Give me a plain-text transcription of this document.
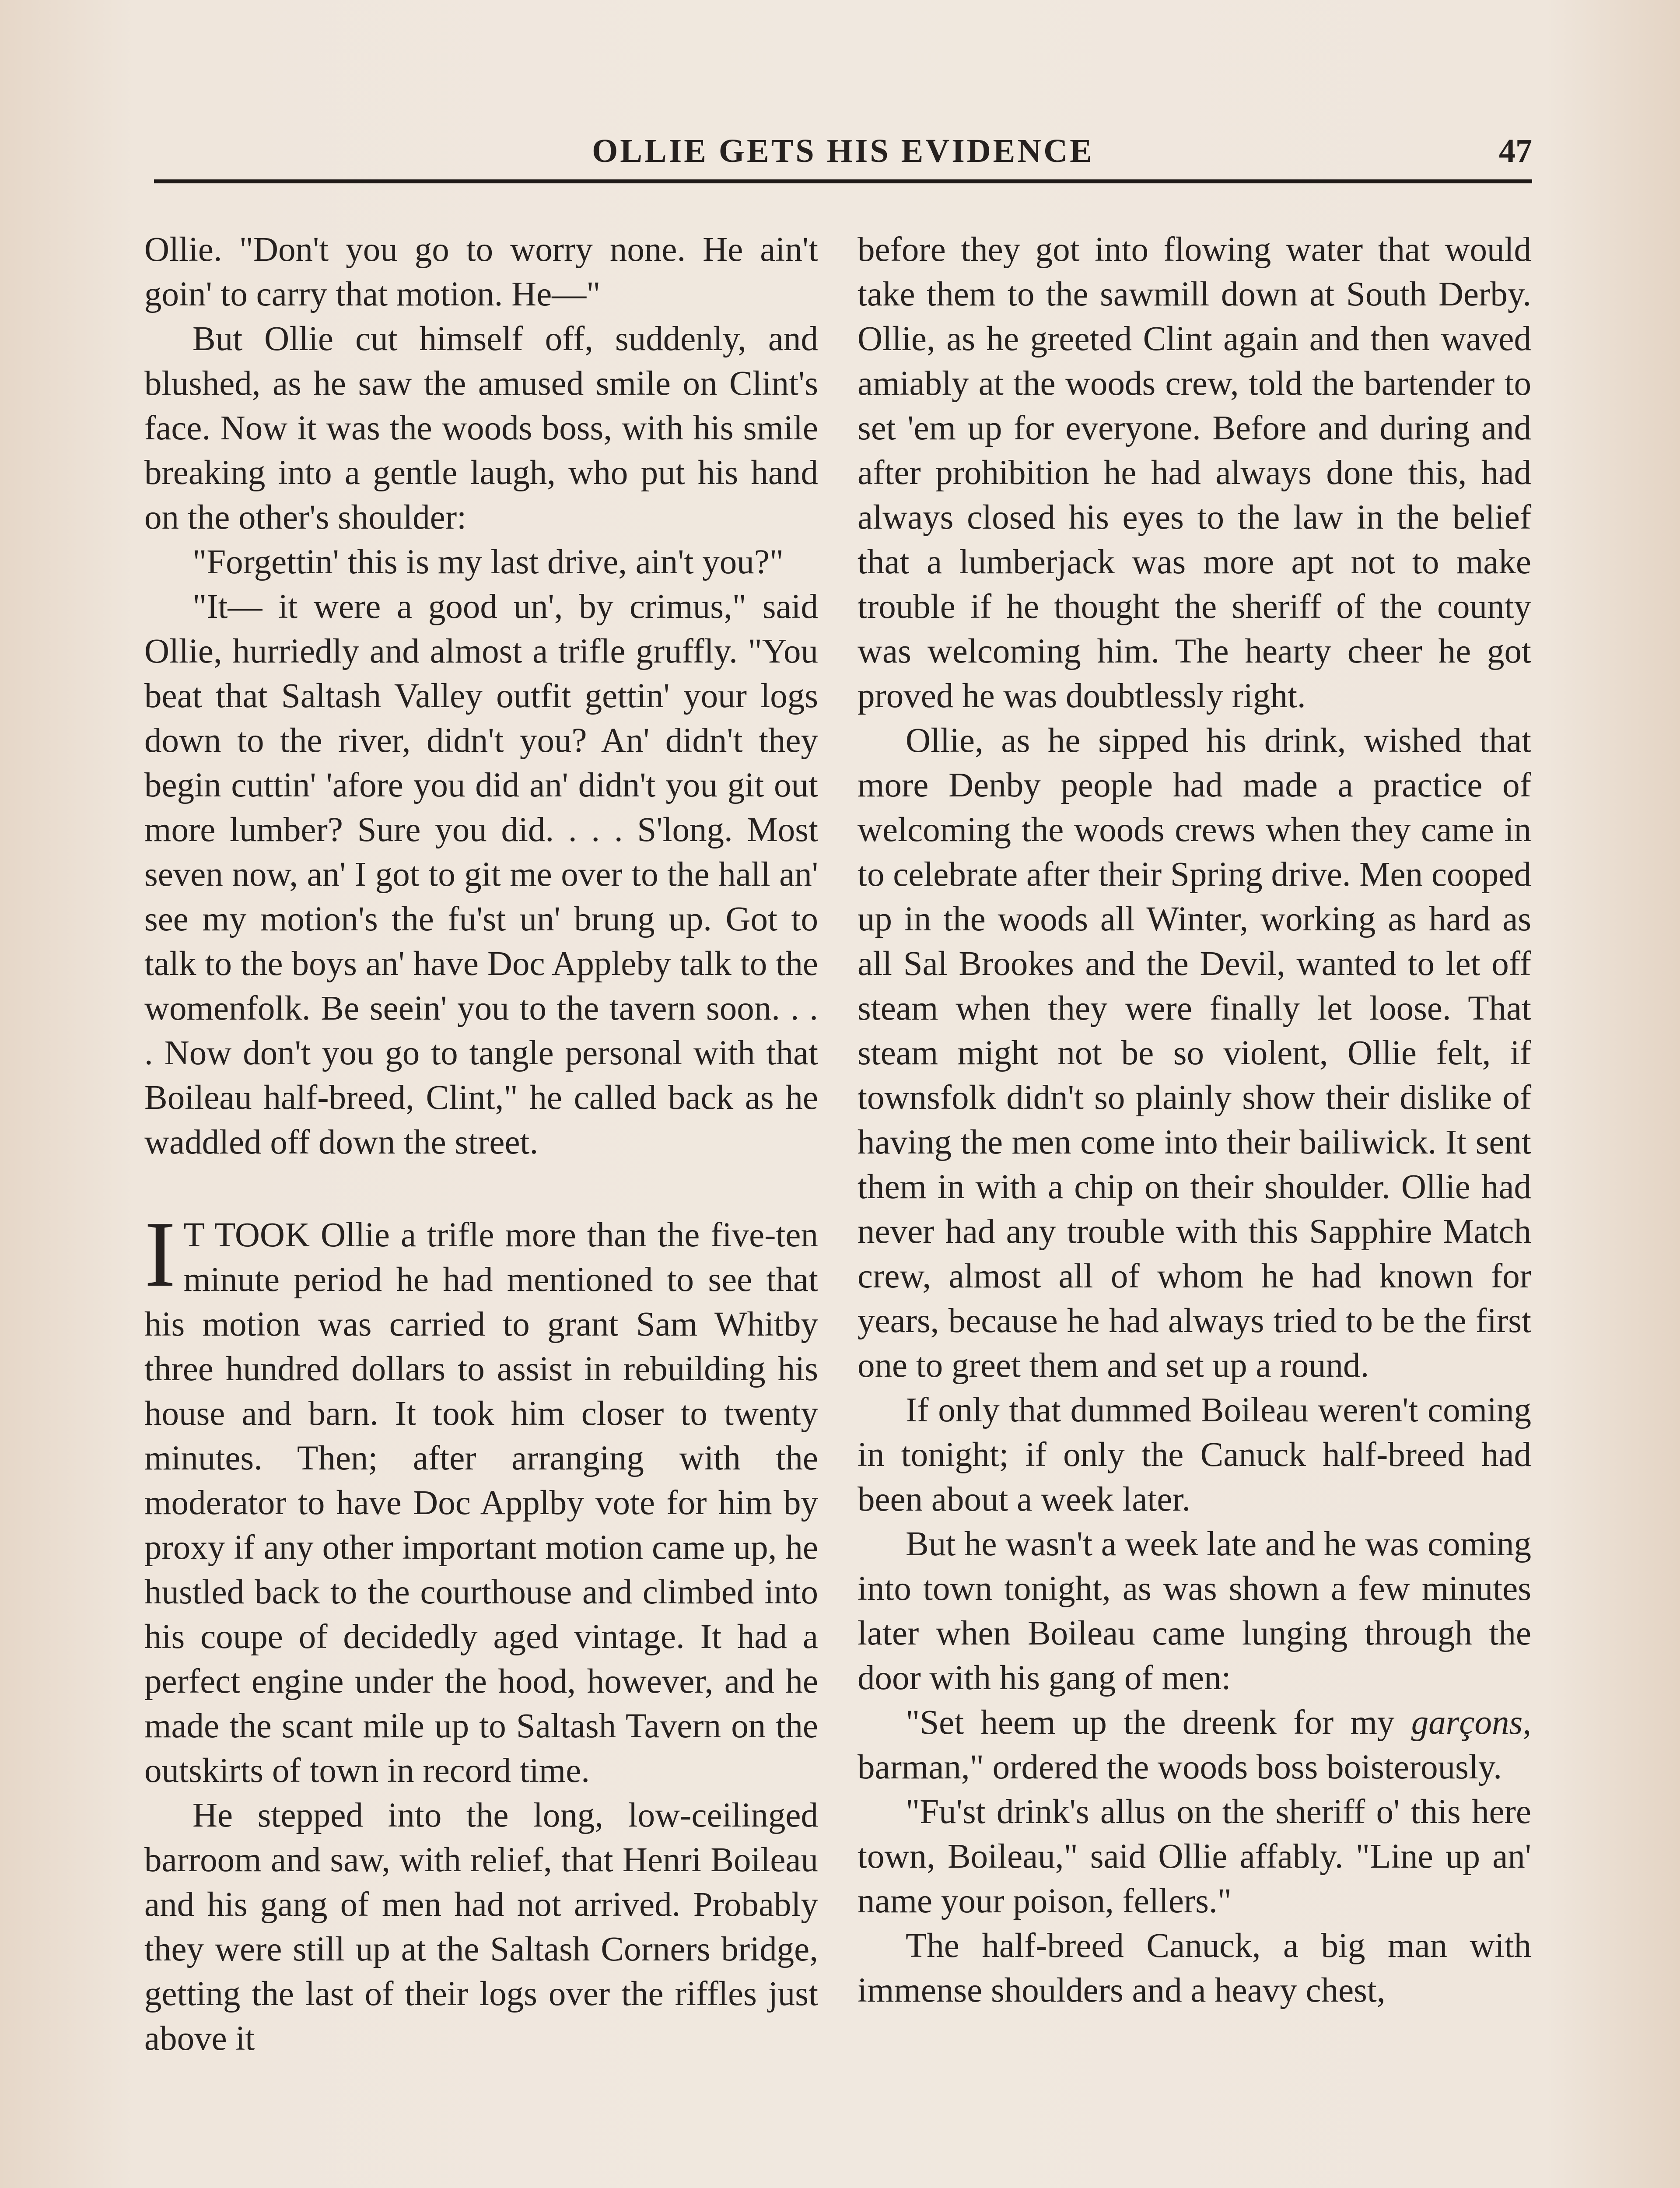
OLLIE GETS HIS EVIDENCE	47

Ollie. "Don't you go to worry none. He ain't goin' to carry that motion. He—"

But Ollie cut himself off, suddenly, and blushed, as he saw the amused smile on Clint's face. Now it was the woods boss, with his smile breaking into a gentle laugh, who put his hand on the other's shoulder:

"Forgettin' this is my last drive, ain't you?"

"It— it were a good un', by crimus," said Ollie, hurriedly and almost a trifle gruffly. "You beat that Saltash Valley outfit gettin' your logs down to the river, didn't you? An' didn't they begin cuttin' 'afore you did an' didn't you git out more lumber? Sure you did. . . . S'long. Most seven now, an' I got to git me over to the hall an' see my motion's the fu'st un' brung up. Got to talk to the boys an' have Doc Appleby talk to the womenfolk. Be seein' you to the tavern soon. . . . Now don't you go to tangle personal with that Boileau half-breed, Clint," he called back as he waddled off down the street.

I T TOOK Ollie a trifle more than the five-ten minute period he had mentioned to see that his motion was carried to grant Sam Whitby three hundred dollars to assist in rebuilding his house and barn. It took him closer to twenty minutes. Then; after arranging with the moderator to have Doc Applby vote for him by proxy if any other important motion came up, he hustled back to the courthouse and climbed into his coupe of decidedly aged vintage. It had a perfect engine under the hood, however, and he made the scant mile up to Saltash Tavern on the outskirts of town in record time.

He stepped into the long, low-ceilinged barroom and saw, with relief, that Henri Boileau and his gang of men had not arrived. Probably they were still up at the Saltash Corners bridge, getting the last of their logs over the riffles just above it

before they got into flowing water that would take them to the sawmill down at South Derby. Ollie, as he greeted Clint again and then waved amiably at the woods crew, told the bartender to set 'em up for everyone. Before and during and after prohibition he had always done this, had always closed his eyes to the law in the belief that a lumberjack was more apt not to make trouble if he thought the sheriff of the county was welcoming him. The hearty cheer he got proved he was doubtlessly right.

Ollie, as he sipped his drink, wished that more Denby people had made a practice of welcoming the woods crews when they came in to celebrate after their Spring drive. Men cooped up in the woods all Winter, working as hard as all Sal Brookes and the Devil, wanted to let off steam when they were finally let loose. That steam might not be so violent, Ollie felt, if townsfolk didn't so plainly show their dislike of having the men come into their bailiwick. It sent them in with a chip on their shoulder. Ollie had never had any trouble with this Sapphire Match crew, almost all of whom he had known for years, because he had always tried to be the first one to greet them and set up a round.

If only that dummed Boileau weren't coming in tonight; if only the Canuck half-breed had been about a week later.

But he wasn't a week late and he was coming into town tonight, as was shown a few minutes later when Boileau came lunging through the door with his gang of men:

"Set heem up the dreenk for my garçons, barman," ordered the woods boss boisterously.

"Fu'st drink's allus on the sheriff o' this here town, Boileau," said Ollie affably. "Line up an' name your poison, fellers."

The half-breed Canuck, a big man with immense shoulders and a heavy chest,
